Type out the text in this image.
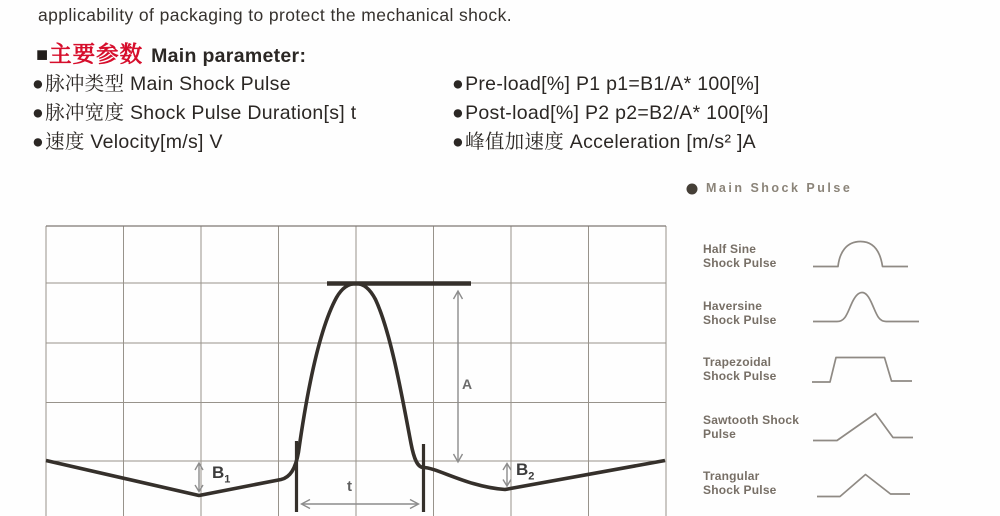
applicability of packaging to protect the mechanical shock.
■主要参数 Main parameter:
●脉冲类型 Main Shock Pulse
●脉冲宽度 Shock Pulse Duration[s] t
●速度 Velocity[m/s] V
●Pre-load[%] P1 p1=B1/A* 100[%]
●Post-load[%] P2 p2=B2/A* 100[%]
●峰值加速度 Acceleration [m/s² ]A
A
$B_1$
$B_2$
t
Main Shock Pulse
Half Sine
Shock Pulse
Haversine
Shock Pulse
Trapezoidal
Shock Pulse
Sawtooth Shock
Pulse
Trangular
Shock Pulse
